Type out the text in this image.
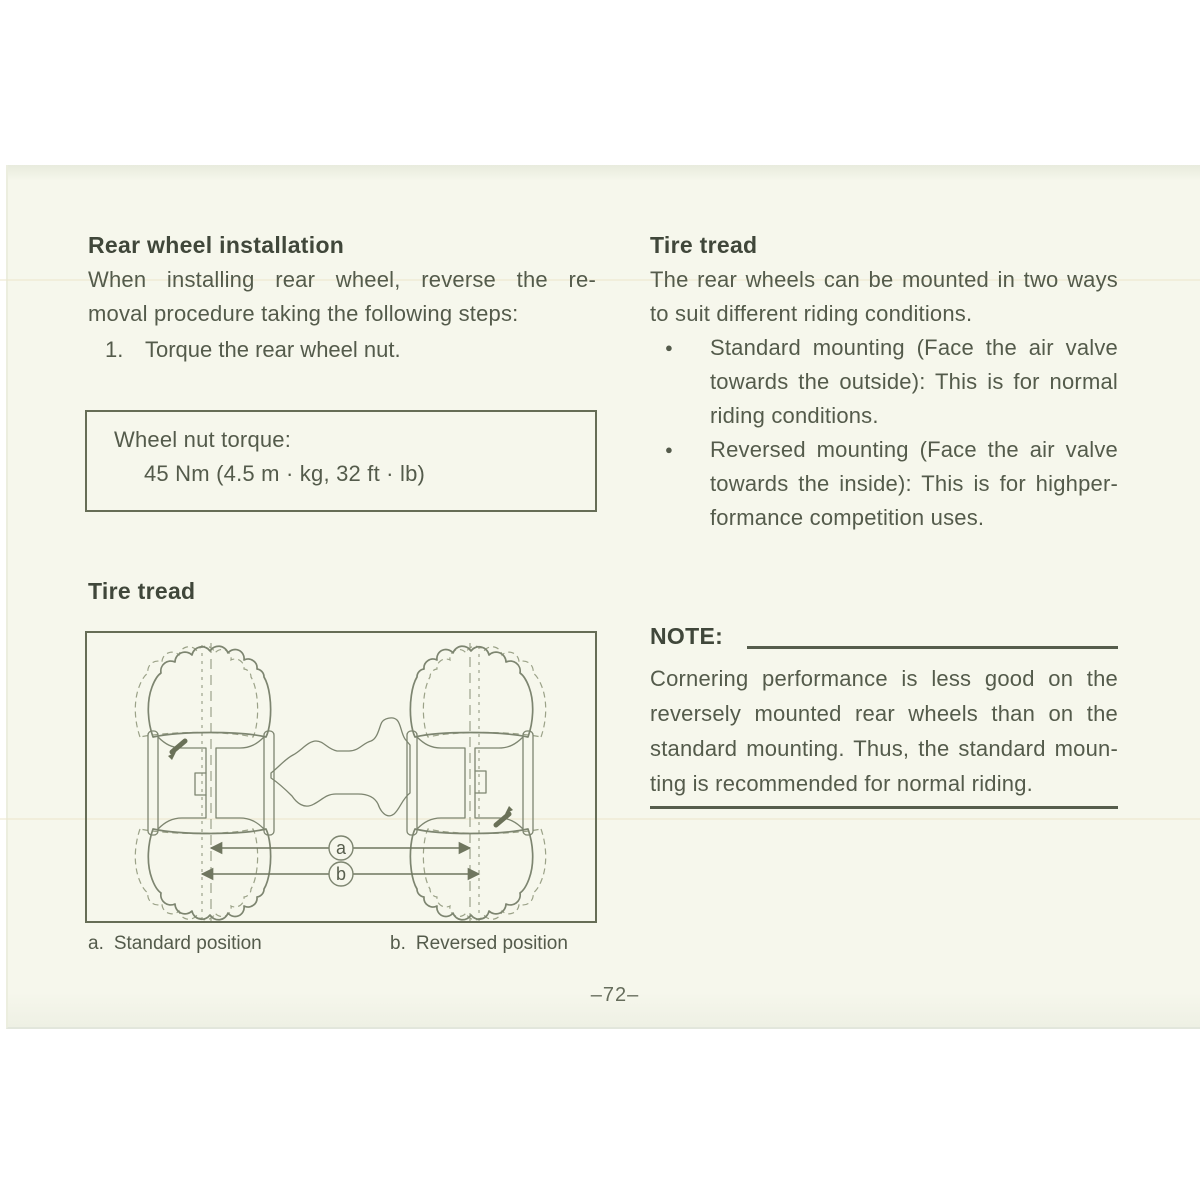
Rear wheel installation
When installing rear wheel, reverse the re-
moval procedure taking the following steps:
1. Torque the rear wheel nut.
Wheel nut torque:
45 Nm (4.5 m · kg, 32 ft · lb)
Tire tread
a
b
a. Standard position	b. Reversed position
Tire tread
The rear wheels can be mounted in two ways
to suit different riding conditions.
●	Standard mounting (Face the air valve
towards the outside): This is for normal
riding conditions.
●	Reversed mounting (Face the air valve
towards the inside): This is for highper-
formance competition uses.
NOTE:
Cornering performance is less good on the
reversely mounted rear wheels than on the
standard mounting. Thus, the standard moun-
ting is recommended for normal riding.
–72–
